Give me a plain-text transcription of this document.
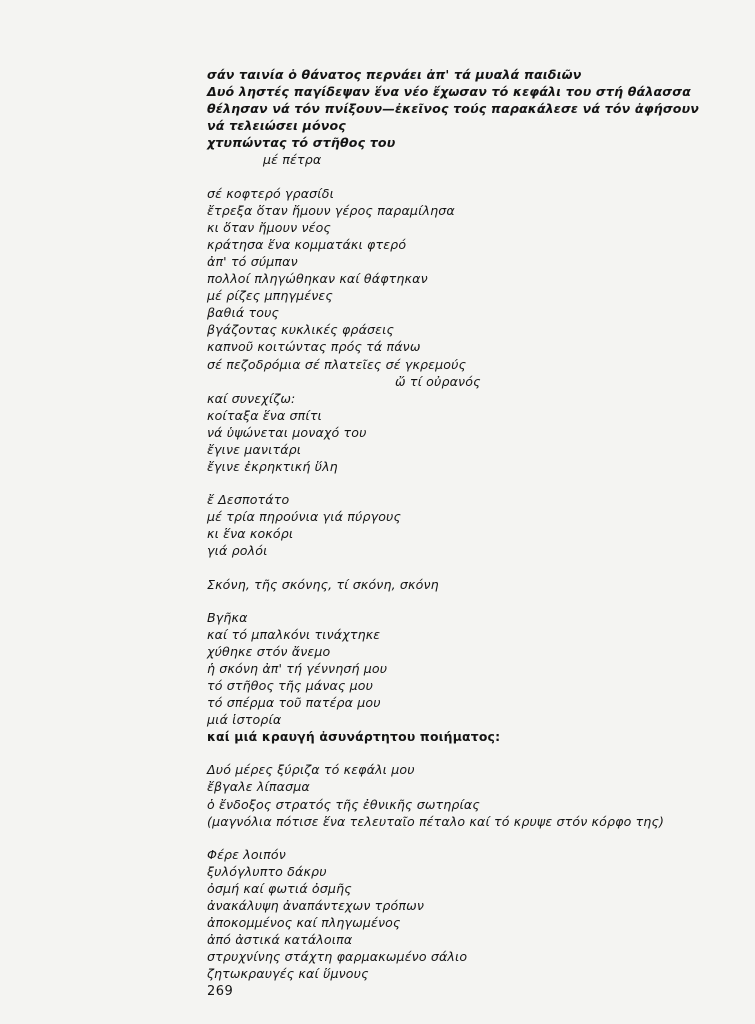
σάν ταινία ὁ θάνατος περνάει ἀπ' τά μυαλά παιδιῶν
Δυό ληστές παγίδεψαν ἕνα νέο ἔχωσαν τό κεφάλι του στή θάλασσα
θέλησαν νά τόν πνίξουν—ἐκεῖνος τούς παρακάλεσε νά τόν ἀφήσουν
νά τελειώσει μόνος
χτυπώντας τό στῆθος του
μέ πέτρα
σέ κοφτερό γρασίδι
ἔτρεξα ὅταν ἤμουν γέρος παραμίλησα
κι ὅταν ἤμουν νέος
κράτησα ἕνα κομματάκι φτερό
ἀπ' τό σύμπαν
πολλοί πληγώθηκαν καί θάφτηκαν
μέ ρίζες μπηγμένες
βαθιά τους
βγάζοντας κυκλικές φράσεις
καπνοῦ κοιτώντας πρός τά πάνω
σέ πεζοδρόμια σέ πλατεῖες σέ γκρεμούς
ὤ τί οὐρανός
καί συνεχίζω:
κοίταξα ἕνα σπίτι
νά ὑψώνεται μοναχό του
ἔγινε μανιτάρι
ἔγινε ἐκρηκτική ὕλη
ἔ Δεσποτάτο
μέ τρία πηρούνια γιά πύργους
κι ἕνα κοκόρι
γιά ρολόι
Σκόνη, τῆς σκόνης, τί σκόνη, σκόνη
Βγῆκα
καί τό μπαλκόνι τινάχτηκε
χύθηκε στόν ἄνεμο
ἡ σκόνη ἀπ' τή γέννησή μου
τό στῆθος τῆς μάνας μου
τό σπέρμα τοῦ πατέρα μου
μιά ἱστορία
καί μιά κραυγή ἀσυνάρτητου ποιήματος:
Δυό μέρες ξύριζα τό κεφάλι μου
ἔβγαλε λίπασμα
ὁ ἔνδοξος στρατός τῆς ἐθνικῆς σωτηρίας
(μαγνόλια πότισε ἕνα τελευταῖο πέταλο καί τό κρυψε στόν κόρφο της)
Φέρε λοιπόν
ξυλόγλυπτο δάκρυ
ὀσμή καί φωτιά ὀσμῆς
ἀνακάλυψη ἀναπάντεχων τρόπων
ἀποκομμένος καί πληγωμένος
ἀπό ἀστικά κατάλοιπα
στρυχνίνης στάχτη φαρμακωμένο σάλιο
ζητωκραυγές καί ὕμνους
269
